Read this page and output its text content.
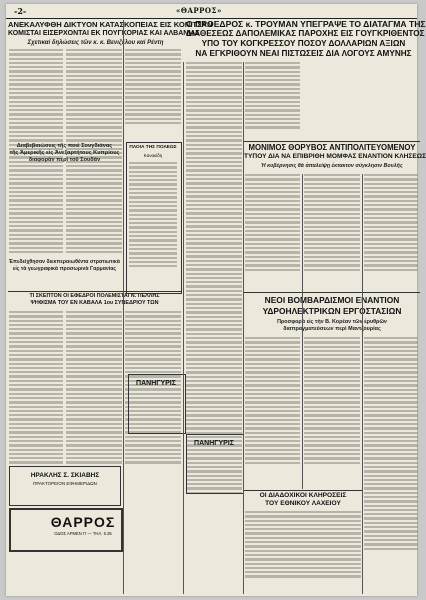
-2-	«ΘΑΡΡΟΣ»
ΑΝΕΚΑΛΥΦΘΗ ΔΙΚΤΥΟΝ ΚΑΤΑΣΚΟΠΕΙΑΣ ΕΙΣ ΚΟΝΙΤΣΑΝ
ΚΟΜΙΣΤΑΙ ΕΙΣΕΡΧΟΝΤΑΙ ΕΚ ΠΟΥΓΚΟΡΙΑΣ ΚΑΙ ΑΛΒΑΝΙΑΣ
Σχετικαί δηλώσεις τῶν κ. κ. Βενιζέλου καί Ρέντη
Διαβεβαιώσεις τῆς ποιὲ Σουγδιάνας
τῆς Ἀμερικῆς εἰς Ἀνεξαρτήτους Κυπρίους
διαφορὰν περὶ τοῦ Σουδάν
Ἐπεδείχθησαν διεκπεραιωθέντα στρατιωτικὰ
εἰς τὰ γεωγραφικὰ προσωρινὰ Γαρμανίας
ΤΙ ΣΚΕΠΤΟΝ ΟΙ ΕΦΕΔΡΟΙ ΠΟΛΕΜΙΣΤΑΙ Ν. ΠΕΛΛΗΣ
ΨΗΦΙΣΜΑ ΤΟΥ ΕΝ ΚΑΒΑΛΑ 1ου ΣΥΝΕΔΡΙΟΥ ΤΩΝ
ΗΡΑΚΛΗΣ Σ. ΣΚΙΑΒΗΣ
ΠΡΑΚΤΟΡΕΙΟΝ ΕΦΗΜΕΡΙΔΩΝ
ΘΑΡΡΟΣ
ΟΔΟΣ ΑΡΜΕΝ ΓΙ — ΤΗΛ. 5.35
Ο ΠΡΟΕΔΡΟΣ κ. ΤΡΟΥΜΑΝ ΥΠΕΓΡΑΨΕ ΤΟ ΔΙΑΤΑΓΜΑ ΤΗΣ
ΔΙΑΘΕΣΕΩΣ ΔΑΠΟΛΕΜΙΚΑΣ ΠΑΡΟΧΗΣ ΕΙΣ ΓΟΥΓΚΡΙΘΕΝΤΟΣ
ΥΠΟ ΤΟΥ ΚΟΓΚΡΕΣΣΟΥ ΠΟΣΟΥ ΔΟΛΛΑΡΙΩΝ ΑΞΙΩΝ
ΝΑ ΕΓΚΡΙΘΟΥΝ ΝΕΑΙ ΠΙΣΤΩΣΕΙΣ ΔΙΑ ΛΟΓΟΥΣ ΑΜΥΝΗΣ
ΠΛΟΙΑ ΤΗΣ ΠΟΛΕΩΣ
Κανακίδη
ΠΑΝΗΓΥΡΙΣ
ΠΑΝΗΓΥΡΙΣ
ΜΟΝΙΜΟΣ ΘΟΡΥΒΟΣ ΑΝΤΙΠΟΛΙΤΕΥΟΜΕΝΟΥ
ΤΥΠΟΥ ΔΙΑ ΝΑ ΕΠΙΒΡΙΘΗ ΜΟΜΦΑΣ ΕΝΑΝΤΙΟΝ ΚΛΗΣΕΩΣ
Ἡ κυβέρνησις θὰ ἀπαλείψῃ ἐκτακτον σύγκλησιν Βουλῆς
ΝΕΟΙ ΒΟΜΒΑΡΔΙΣΜΟΙ ΕΝΑΝΤΙΟΝ
ΥΔΡΟΗΛΕΚΤΡΙΚΩΝ ΕΡΓΟΣΤΑΣΙΩΝ
Προσφορὰ εἰς τὴν Β. Κορέαν τῶν ἐρυθρῶν
διαπραγματεύσεων περὶ Μαντζουρίας
ΟΙ ΔΙΑΔΟΧΙΚΟΙ ΚΛΗΡΟΣΕΙΣ
ΤΟΥ ΕΘΝΙΚΟΥ ΛΑΧΕΙΟΥ
